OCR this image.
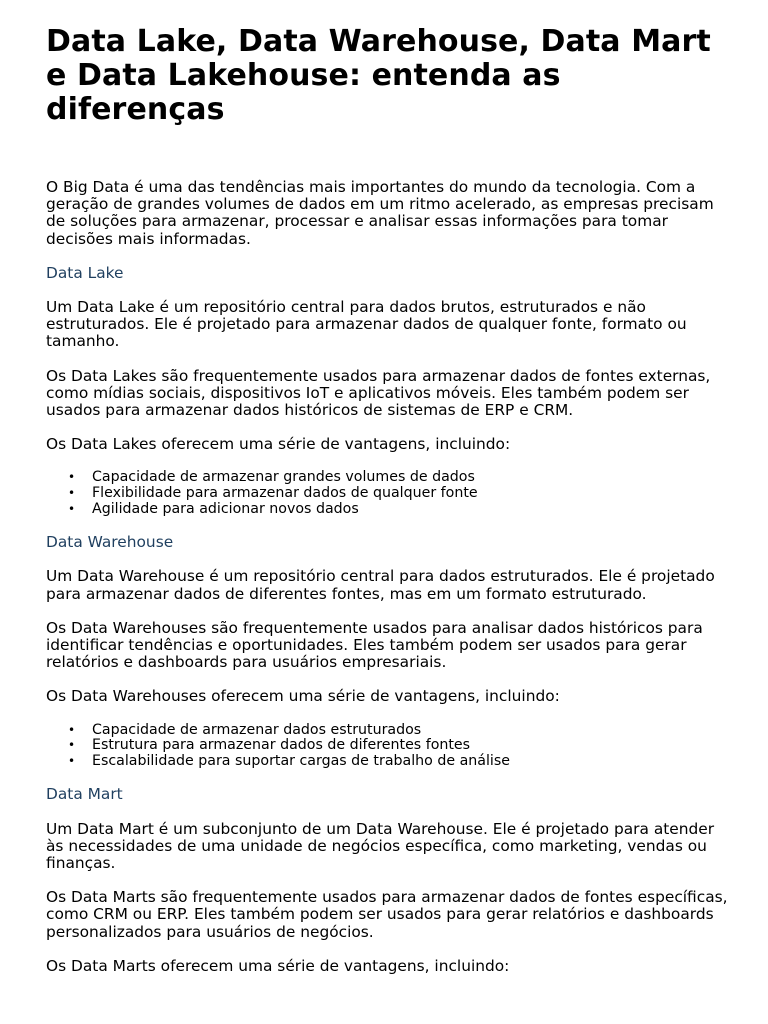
Data Lake, Data Warehouse, Data Mart e Data Lakehouse: entenda as diferenças

O Big Data é uma das tendências mais importantes do mundo da tecnologia. Com a geração de grandes volumes de dados em um ritmo acelerado, as empresas precisam de soluções para armazenar, processar e analisar essas informações para tomar decisões mais informadas.

Data Lake

Um Data Lake é um repositório central para dados brutos, estruturados e não estruturados. Ele é projetado para armazenar dados de qualquer fonte, formato ou tamanho.

Os Data Lakes são frequentemente usados para armazenar dados de fontes externas, como mídias sociais, dispositivos IoT e aplicativos móveis. Eles também podem ser usados para armazenar dados históricos de sistemas de ERP e CRM.

Os Data Lakes oferecem uma série de vantagens, incluindo:

• Capacidade de armazenar grandes volumes de dados
• Flexibilidade para armazenar dados de qualquer fonte
• Agilidade para adicionar novos dados
Data Warehouse

Um Data Warehouse é um repositório central para dados estruturados. Ele é projetado para armazenar dados de diferentes fontes, mas em um formato estruturado.

Os Data Warehouses são frequentemente usados para analisar dados históricos para identificar tendências e oportunidades. Eles também podem ser usados para gerar relatórios e dashboards para usuários empresariais.

Os Data Warehouses oferecem uma série de vantagens, incluindo:

• Capacidade de armazenar dados estruturados
• Estrutura para armazenar dados de diferentes fontes
• Escalabilidade para suportar cargas de trabalho de análise
Data Mart

Um Data Mart é um subconjunto de um Data Warehouse. Ele é projetado para atender às necessidades de uma unidade de negócios específica, como marketing, vendas ou finanças.

Os Data Marts são frequentemente usados para armazenar dados de fontes específicas, como CRM ou ERP. Eles também podem ser usados para gerar relatórios e dashboards personalizados para usuários de negócios.

Os Data Marts oferecem uma série de vantagens, incluindo:
